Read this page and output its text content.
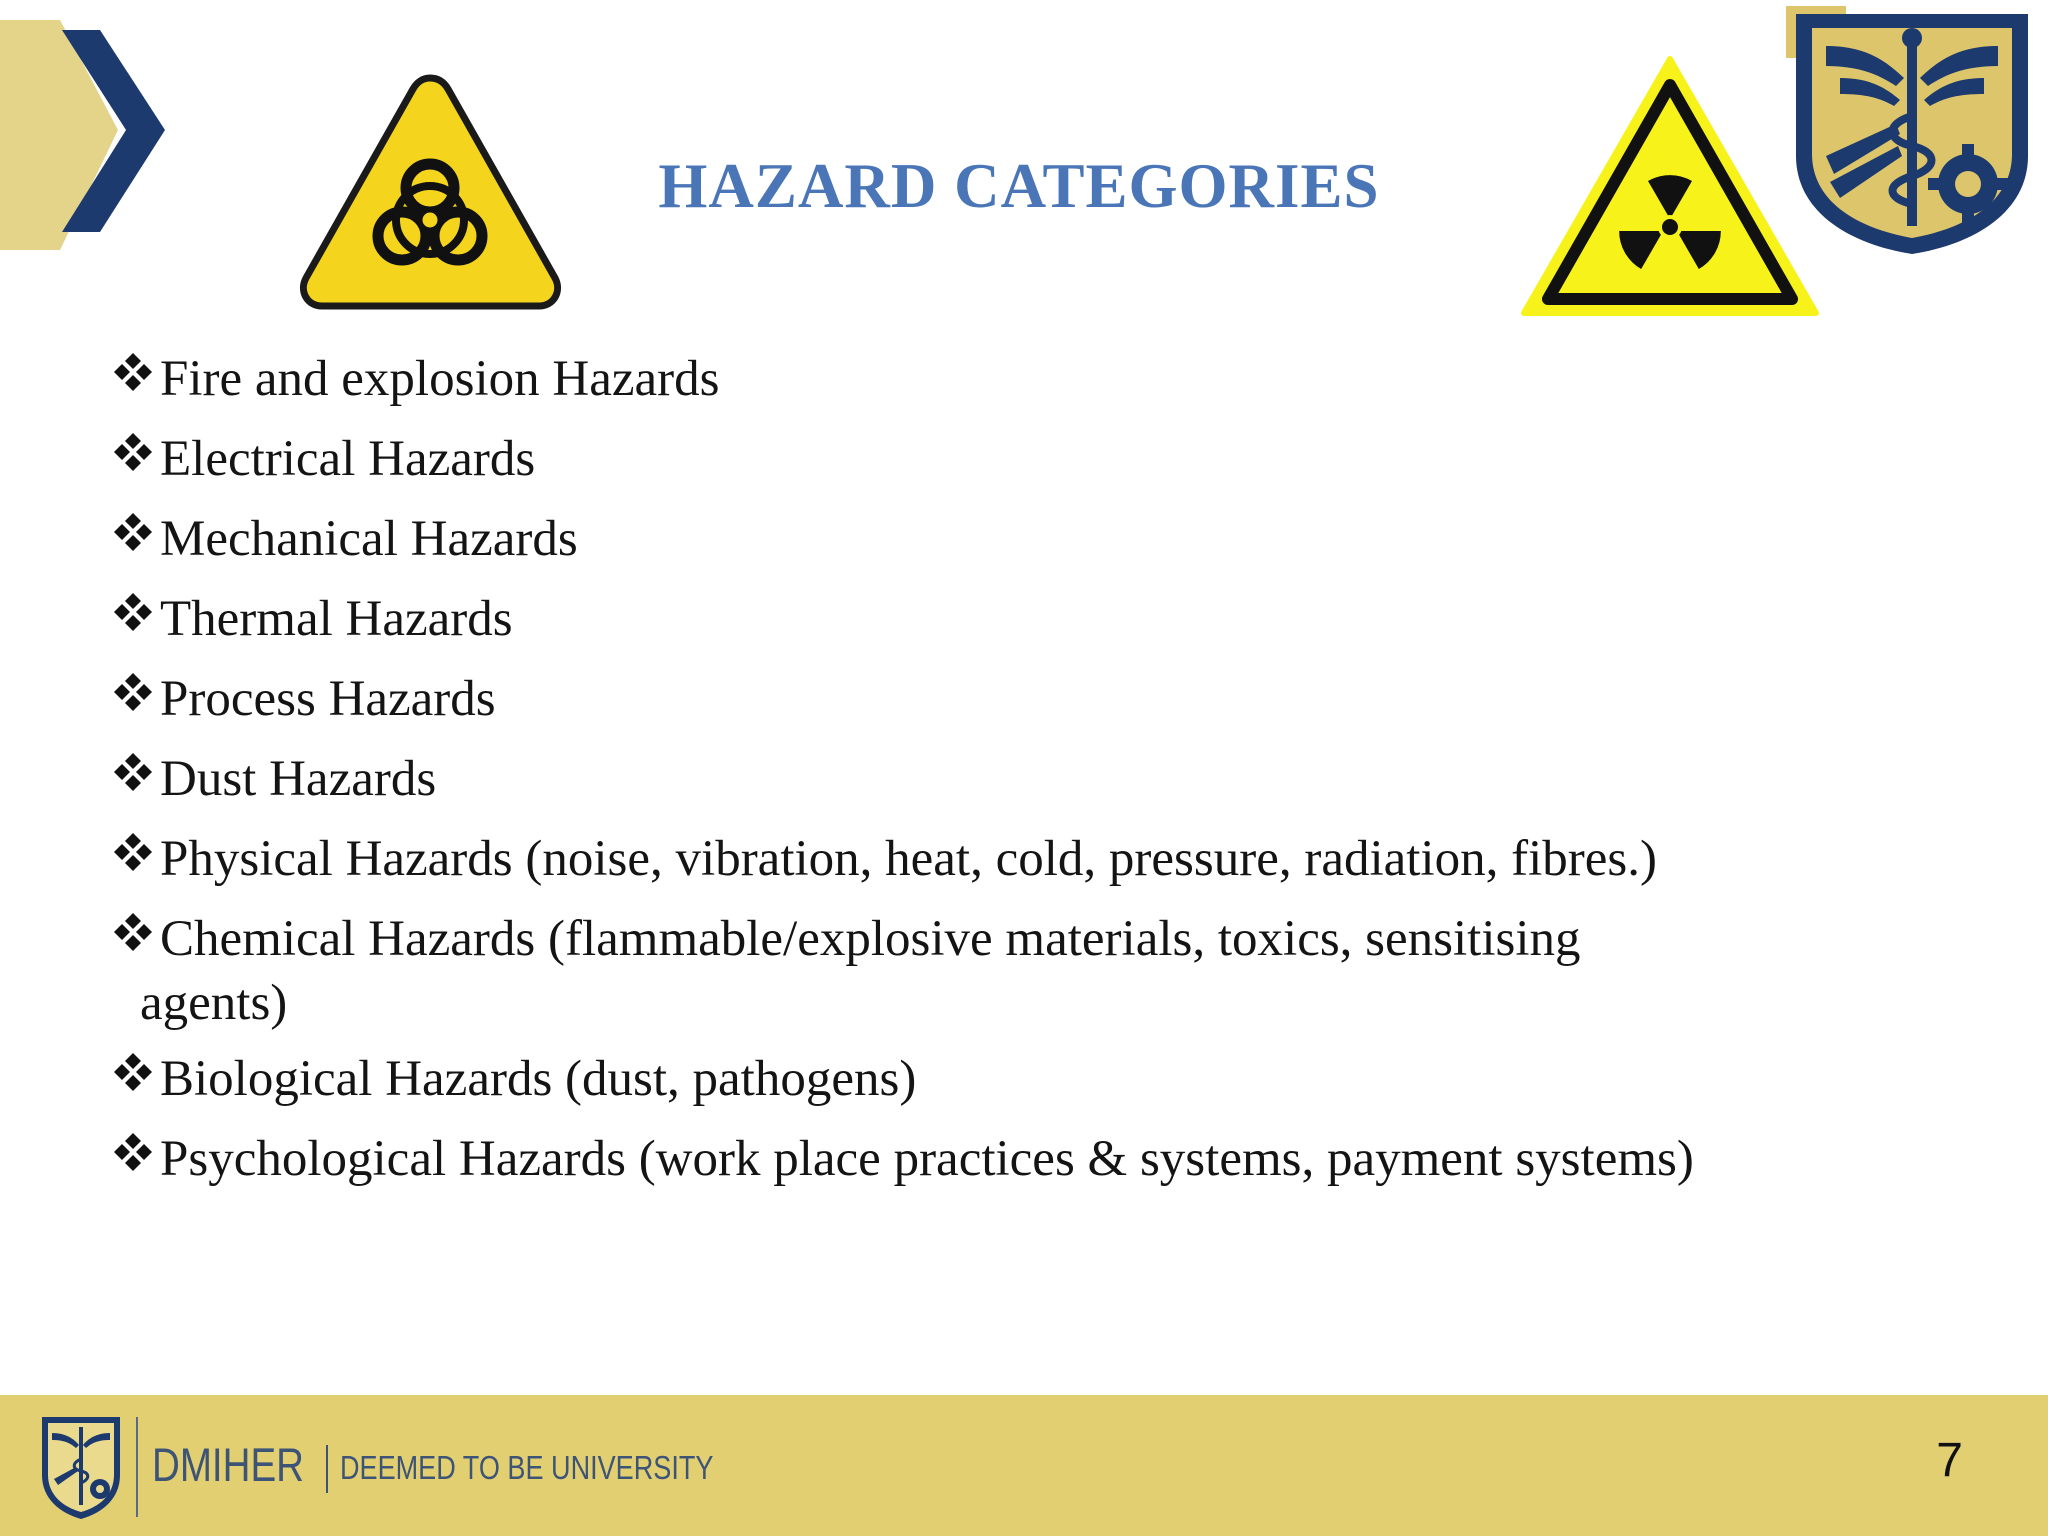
HAZARD CATEGORIES
Fire and explosion Hazards
Electrical Hazards
Mechanical Hazards
Thermal Hazards
Process Hazards
Dust Hazards
Physical Hazards (noise, vibration, heat, cold, pressure, radiation, fibres.)
Chemical Hazards (flammable/explosive materials, toxics, sensitising
agents)
Biological Hazards (dust, pathogens)
Psychological Hazards (work place practices & systems, payment systems)
DMIHER DEEMED TO BE UNIVERSITY	7
